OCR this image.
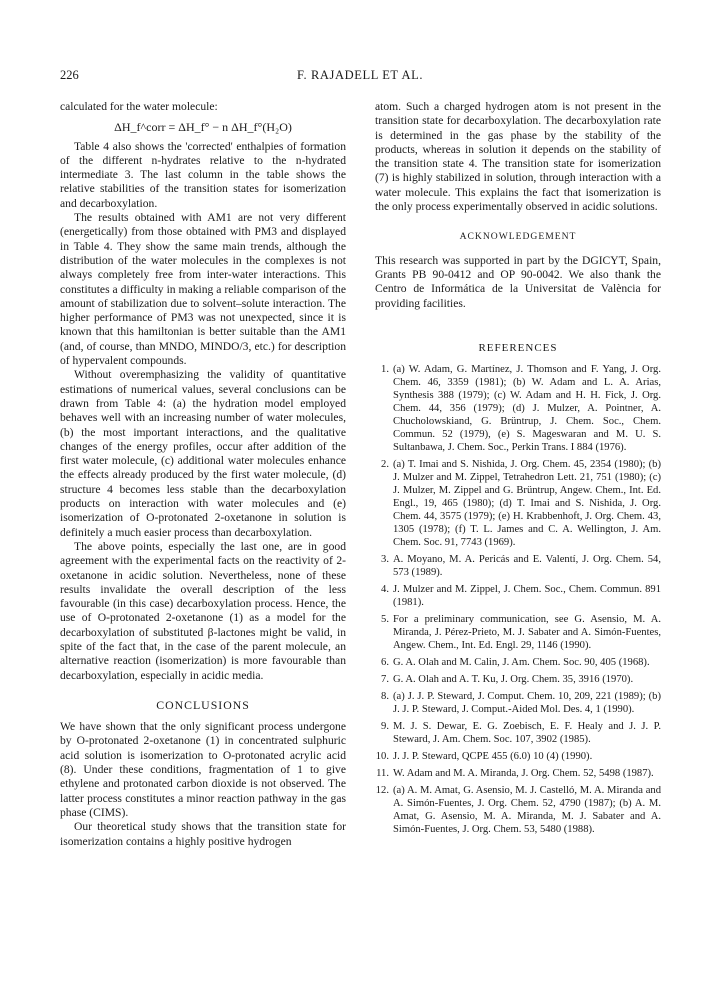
226	F. RAJADELL ET AL.

calculated for the water molecule:

ΔH_f^corr = ΔH_f° − n ΔH_f°(H₂O)

Table 4 also shows the 'corrected' enthalpies of formation of the different n-hydrates relative to the n-hydrated intermediate 3. The last column in the table shows the relative stabilities of the transition states for isomerization and decarboxylation.

The results obtained with AM1 are not very different (energetically) from those obtained with PM3 and displayed in Table 4. They show the same main trends, although the distribution of the water molecules in the complexes is not always completely free from inter-water interactions. This constitutes a difficulty in making a reliable comparison of the amount of stabilization due to solvent–solute interaction. The higher performance of PM3 was not unexpected, since it is known that this hamiltonian is better suitable than the AM1 (and, of course, than MNDO, MINDO/3, etc.) for description of hypervalent compounds.

Without overemphasizing the validity of quantitative estimations of numerical values, several conclusions can be drawn from Table 4: (a) the hydration model employed behaves well with an increasing number of water molecules, (b) the most important interactions, and the qualitative changes of the energy profiles, occur after addition of the first water molecule, (c) additional water molecules enhance the effects already produced by the first water molecule, (d) structure 4 becomes less stable than the decarboxylation products on interaction with water molecules and (e) isomerization of O-protonated 2-oxetanone in solution is definitely a much easier process than decarboxylation.

The above points, especially the last one, are in good agreement with the experimental facts on the reactivity of 2-oxetanone in acidic solution. Nevertheless, none of these results invalidate the overall description of the less favourable (in this case) decarboxylation process. Hence, the use of O-protonated 2-oxetanone (1) as a model for the decarboxylation of substituted β-lactones might be valid, in spite of the fact that, in the case of the parent molecule, an alternative reaction (isomerization) is more favourable than decarboxylation, especially in acidic media.

CONCLUSIONS

We have shown that the only significant process undergone by O-protonated 2-oxetanone (1) in concentrated sulphuric acid solution is isomerization to O-protonated acrylic acid (8). Under these conditions, fragmentation of 1 to give ethylene and protonated carbon dioxide is not observed. The latter process constitutes a minor reaction pathway in the gas phase (CIMS).

Our theoretical study shows that the transition state for isomerization contains a highly positive hydrogen

atom. Such a charged hydrogen atom is not present in the transition state for decarboxylation. The decarboxylation rate is determined in the gas phase by the stability of the products, whereas in solution it depends on the stability of the transition state 4. The transition state for isomerization (7) is highly stabilized in solution, through interaction with a water molecule. This explains the fact that isomerization is the only process experimentally observed in acidic solutions.

ACKNOWLEDGEMENT

This research was supported in part by the DGICYT, Spain, Grants PB 90-0412 and OP 90-0042. We also thank the Centro de Informática de la Universitat de València for providing facilities.

REFERENCES
1. (a) W. Adam, G. Martínez, J. Thomson and F. Yang, J. Org. Chem. 46, 3359 (1981); (b) W. Adam and L. A. Arias, Synthesis 388 (1979); (c) W. Adam and H. H. Fick, J. Org. Chem. 44, 356 (1979); (d) J. Mulzer, A. Pointner, A. Chucholowskiand, G. Brüntrup, J. Chem. Soc., Chem. Commun. 52 (1979), (e) S. Mageswaran and M. U. S. Sultanbawa, J. Chem. Soc., Perkin Trans. I 884 (1976).
2. (a) T. Imai and S. Nishida, J. Org. Chem. 45, 2354 (1980); (b) J. Mulzer and M. Zippel, Tetrahedron Lett. 21, 751 (1980); (c) J. Mulzer, M. Zippel and G. Brüntrup, Angew. Chem., Int. Ed. Engl., 19, 465 (1980); (d) T. Imai and S. Nishida, J. Org. Chem. 44, 3575 (1979); (e) H. Krabbenhoft, J. Org. Chem. 43, 1305 (1978); (f) T. L. James and C. A. Wellington, J. Am. Chem. Soc. 91, 7743 (1969).
3. A. Moyano, M. A. Pericás and E. Valentí, J. Org. Chem. 54, 573 (1989).
4. J. Mulzer and M. Zippel, J. Chem. Soc., Chem. Commun. 891 (1981).
5. For a preliminary communication, see G. Asensio, M. A. Miranda, J. Pérez-Prieto, M. J. Sabater and A. Simón-Fuentes, Angew. Chem., Int. Ed. Engl. 29, 1146 (1990).
6. G. A. Olah and M. Calin, J. Am. Chem. Soc. 90, 405 (1968).
7. G. A. Olah and A. T. Ku, J. Org. Chem. 35, 3916 (1970).
8. (a) J. J. P. Steward, J. Comput. Chem. 10, 209, 221 (1989); (b) J. J. P. Steward, J. Comput.-Aided Mol. Des. 4, 1 (1990).
9. M. J. S. Dewar, E. G. Zoebisch, E. F. Healy and J. J. P. Steward, J. Am. Chem. Soc. 107, 3902 (1985).
10. J. J. P. Steward, QCPE 455 (6.0) 10 (4) (1990).
11. W. Adam and M. A. Miranda, J. Org. Chem. 52, 5498 (1987).
12. (a) A. M. Amat, G. Asensio, M. J. Castelló, M. A. Miranda and A. Simón-Fuentes, J. Org. Chem. 52, 4790 (1987); (b) A. M. Amat, G. Asensio, M. A. Miranda, M. J. Sabater and A. Simón-Fuentes, J. Org. Chem. 53, 5480 (1988).
